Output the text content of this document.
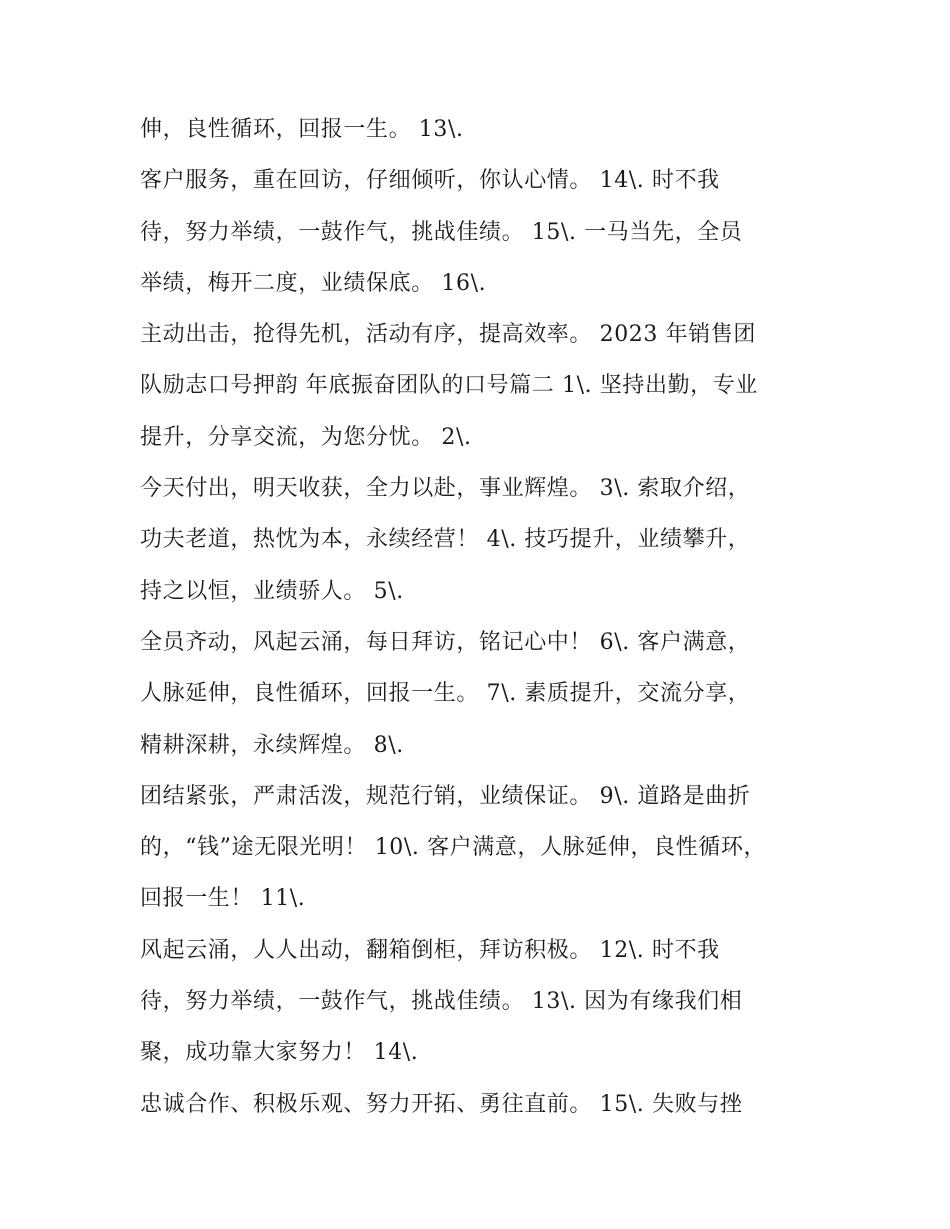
伸，良性循环，回报一生。 13\.
客户服务，重在回访，仔细倾听，你认心情。 14\. 时不我
待，努力举绩，一鼓作气，挑战佳绩。 15\. 一马当先，全员
举绩，梅开二度，业绩保底。 16\.
主动出击，抢得先机，活动有序，提高效率。 2023 年销售团
队励志口号押韵 年底振奋团队的口号篇二 1\. 坚持出勤，专业
提升，分享交流，为您分忧。 2\.
今天付出，明天收获，全力以赴，事业辉煌。 3\. 索取介绍，
功夫老道，热忱为本，永续经营！ 4\. 技巧提升，业绩攀升，
持之以恒，业绩骄人。 5\.
全员齐动，风起云涌，每日拜访，铭记心中！ 6\. 客户满意，
人脉延伸，良性循环，回报一生。 7\. 素质提升，交流分享，
精耕深耕，永续辉煌。 8\.
团结紧张，严肃活泼，规范行销，业绩保证。 9\. 道路是曲折
的，“钱”途无限光明！ 10\. 客户满意，人脉延伸，良性循环，
回报一生！ 11\.
风起云涌，人人出动，翻箱倒柜，拜访积极。 12\. 时不我
待，努力举绩，一鼓作气，挑战佳绩。 13\. 因为有缘我们相
聚，成功靠大家努力！ 14\.
忠诚合作、积极乐观、努力开拓、勇往直前。 15\. 失败与挫
